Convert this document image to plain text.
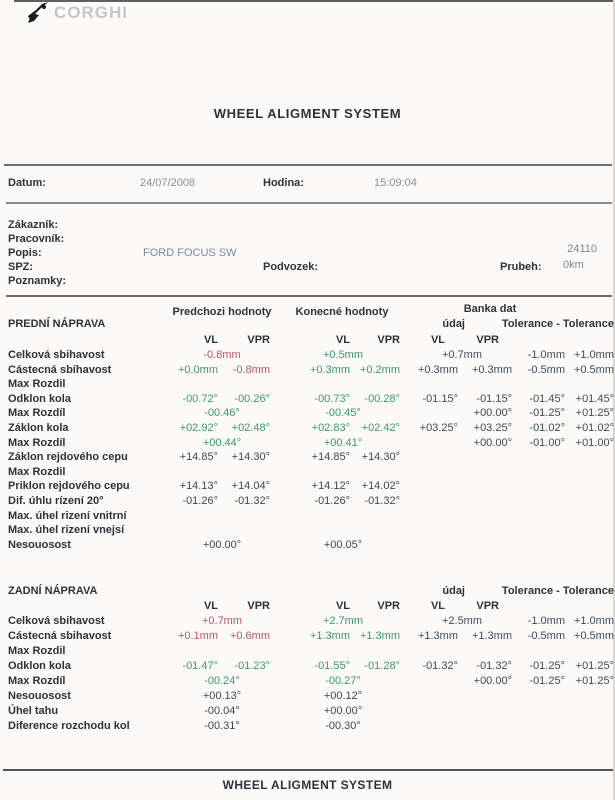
CORGHI
WHEEL ALIGMENT SYSTEM
Datum:	24/07/2008	Hodina:	15:09:04
Zákazník:
Pracovník:
Popis:	FORD FOCUS SW	24110
SPZ:	Podvozek:	Prubeh: 0km
Poznamky:
Predchozi hodnoty	Konecné hodnoty	Banka dat
PREDNÍ NÁPRAVA	údaj	Tolerance - Tolerance
VL	VPR	VL	VPR	VL	VPR
Celková sbihavost	-0.8mm	+0.5mm	+0.7mm	-1.0mm +1.0mm
Cástecná sbíhavost	+0.0mm	-0.8mm	+0.3mm +0.2mm	+0.3mm	+0.3mm	-0.5mm +0.5mm
Max Rozdil
Odklon kola	-00.72°	-00.26°	-00.73°	-00.28°	-01.15°	-01.15°	-01.45° +01.45°
Max Rozdíl	-00.46°	-00.45°	+00.00°	-01.25° +01.25°
Záklon kola	+02.92°	+02.48°	+02.83°	+02.42°	+03.25°	+03.25°	-01.02° +01.02°
Max Rozdíl	+00.44°	+00.41°	+00.00°	-01.00° +01.00°
Záklon rejdového cepu	+14.85°	+14.30°	+14.85°	+14.30°
Max Rozdil
Priklon rejdového cepu	+14.13°	+14.04°	+14.12°	+14.02°
Dif. úhlu rízení 20°	-01.26°	-01.32°	-01.26°	-01.32°
Max. úhel rizení vnitrní
Max. úhel rizení vnejsí
Nesouosost	+00.00°	+00.05°
ZADNÍ NÁPRAVA	údaj	Tolerance - Tolerance
VL	VPR	VL	VPR	VL	VPR
Celková sbihavost	+0.7mm	+2.7mm	+2.5mm	-1.0mm +1.0mm
Cástecná sbihavost	+0.1mm	+0.6mm	+1.3mm +1.3mm	+1.3mm	+1.3mm	-0.5mm +0.5mm
Max Rozdil
Odklon kola	-01.47°	-01.23°	-01.55°	-01.28°	-01.32°	-01.32°	-01.25° +01.25°
Max Rozdíl	-00.24°	-00.27°	+00.00°	-01.25° +01.25°
Nesouosost	+00.13°	+00.12°
Úhel tahu	-00.04°	+00.00°
Diference rozchodu kol	-00.31°	-00.30°
WHEEL ALIGMENT SYSTEM
